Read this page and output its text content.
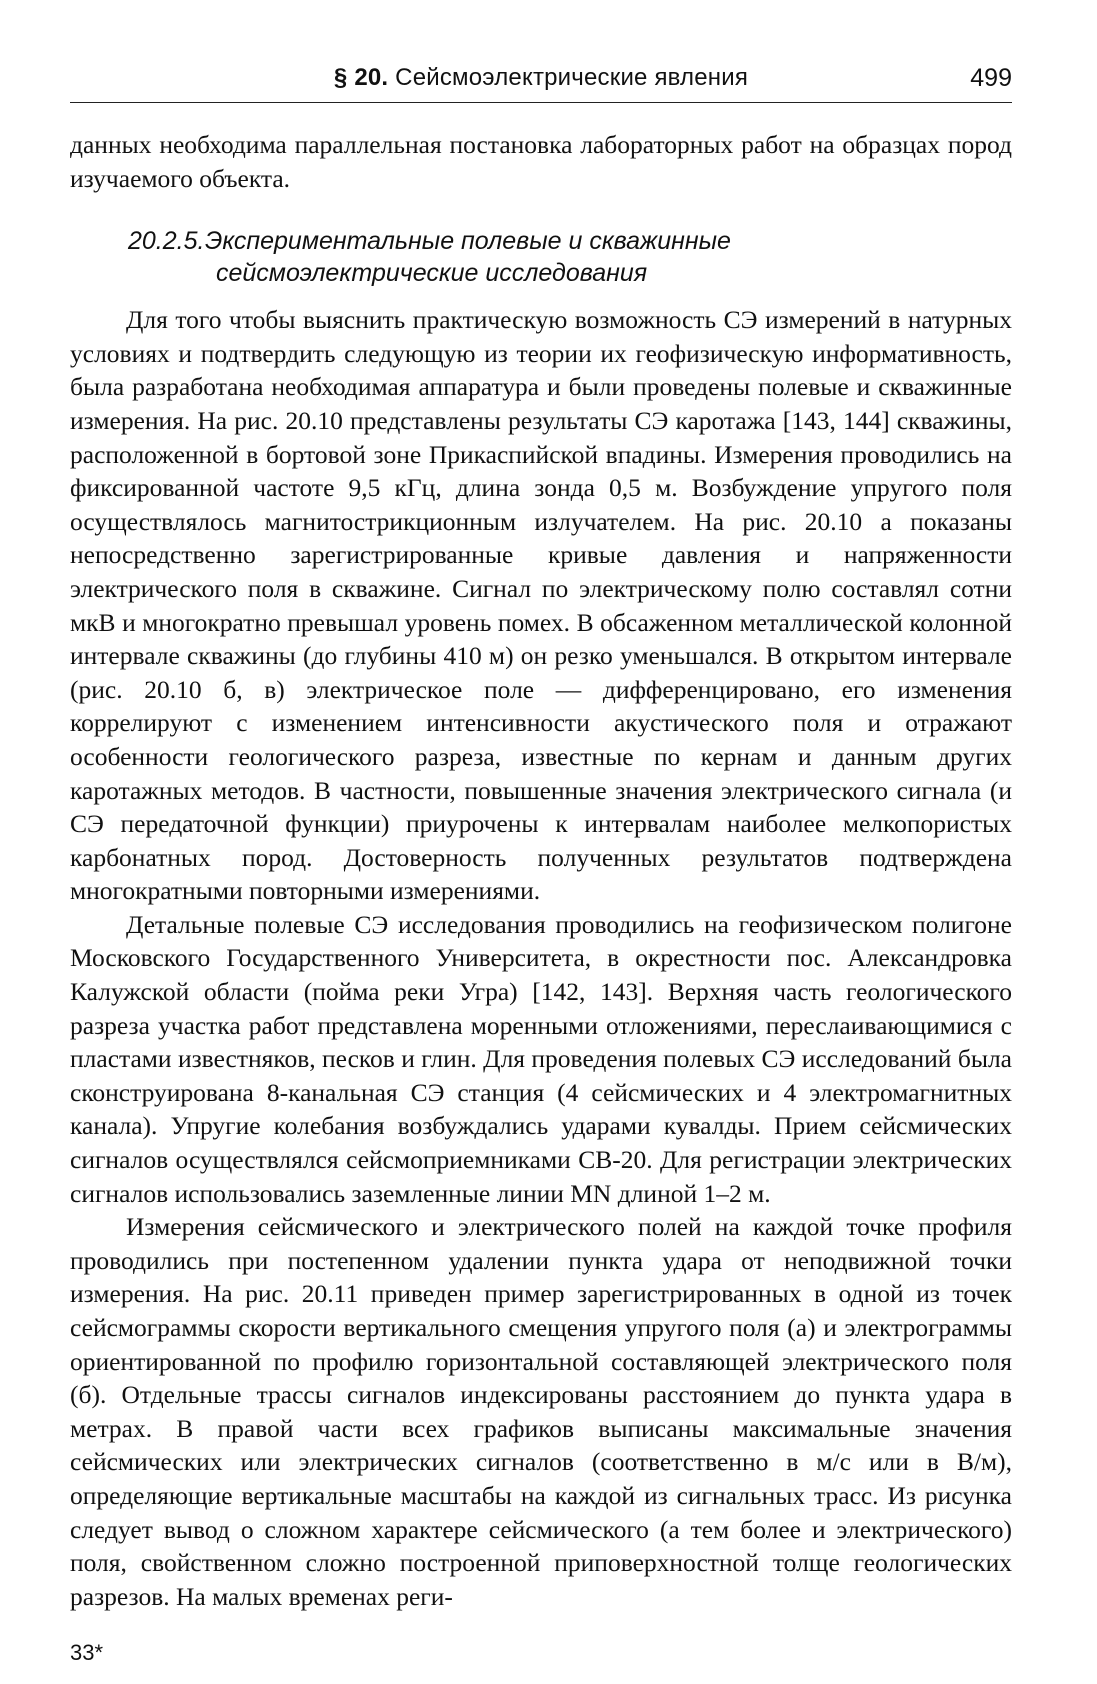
§ 20. Сейсмоэлектрические явления	499

данных необходима параллельная постановка лабораторных работ на образцах пород изучаемого объекта.

20.2.5.Экспериментальные полевые и скважинные
сейсмоэлектрические исследования

Для того чтобы выяснить практическую возможность СЭ измерений в натурных условиях и подтвердить следующую из теории их геофизическую информативность, была разработана необходимая аппаратура и были проведены полевые и скважинные измерения. На рис. 20.10 представлены результаты СЭ каротажа [143, 144] скважины, расположенной в бортовой зоне Прикаспийской впадины. Измерения проводились на фиксированной частоте 9,5 кГц, длина зонда 0,5 м. Возбуждение упругого поля осуществлялось магнитострикционным излучателем. На рис. 20.10 а показаны непосредственно зарегистрированные кривые давления и напряженности электрического поля в скважине. Сигнал по электрическому полю составлял сотни мкВ и многократно превышал уровень помех. В обсаженном металлической колонной интервале скважины (до глубины 410 м) он резко уменьшался. В открытом интервале (рис. 20.10 б, в) электрическое поле — дифференцировано, его изменения коррелируют с изменением интенсивности акустического поля и отражают особенности геологического разреза, известные по кернам и данным других каротажных методов. В частности, повышенные значения электрического сигнала (и СЭ передаточной функции) приурочены к интервалам наиболее мелкопористых карбонатных пород. Достоверность полученных результатов подтверждена многократными повторными измерениями.

Детальные полевые СЭ исследования проводились на геофизическом полигоне Московского Государственного Университета, в окрестности пос. Александровка Калужской области (пойма реки Угра) [142, 143]. Верхняя часть геологического разреза участка работ представлена моренными отложениями, переслаивающимися с пластами известняков, песков и глин. Для проведения полевых СЭ исследований была сконструирована 8-канальная СЭ станция (4 сейсмических и 4 электромагнитных канала). Упругие колебания возбуждались ударами кувалды. Прием сейсмических сигналов осуществлялся сейсмоприемниками СВ-20. Для регистрации электрических сигналов использовались заземленные линии MN длиной 1–2 м.

Измерения сейсмического и электрического полей на каждой точке профиля проводились при постепенном удалении пункта удара от неподвижной точки измерения. На рис. 20.11 приведен пример зарегистрированных в одной из точек сейсмограммы скорости вертикального смещения упругого поля (а) и электрограммы ориентированной по профилю горизонтальной составляющей электрического поля (б). Отдельные трассы сигналов индексированы расстоянием до пункта удара в метрах. В правой части всех графиков выписаны максимальные значения сейсмических или электрических сигналов (соответственно в м/с или в В/м), определяющие вертикальные масштабы на каждой из сигнальных трасс. Из рисунка следует вывод о сложном характере сейсмического (а тем более и электрического) поля, свойственном сложно построенной приповерхностной толще геологических разрезов. На малых временах реги-

33*
